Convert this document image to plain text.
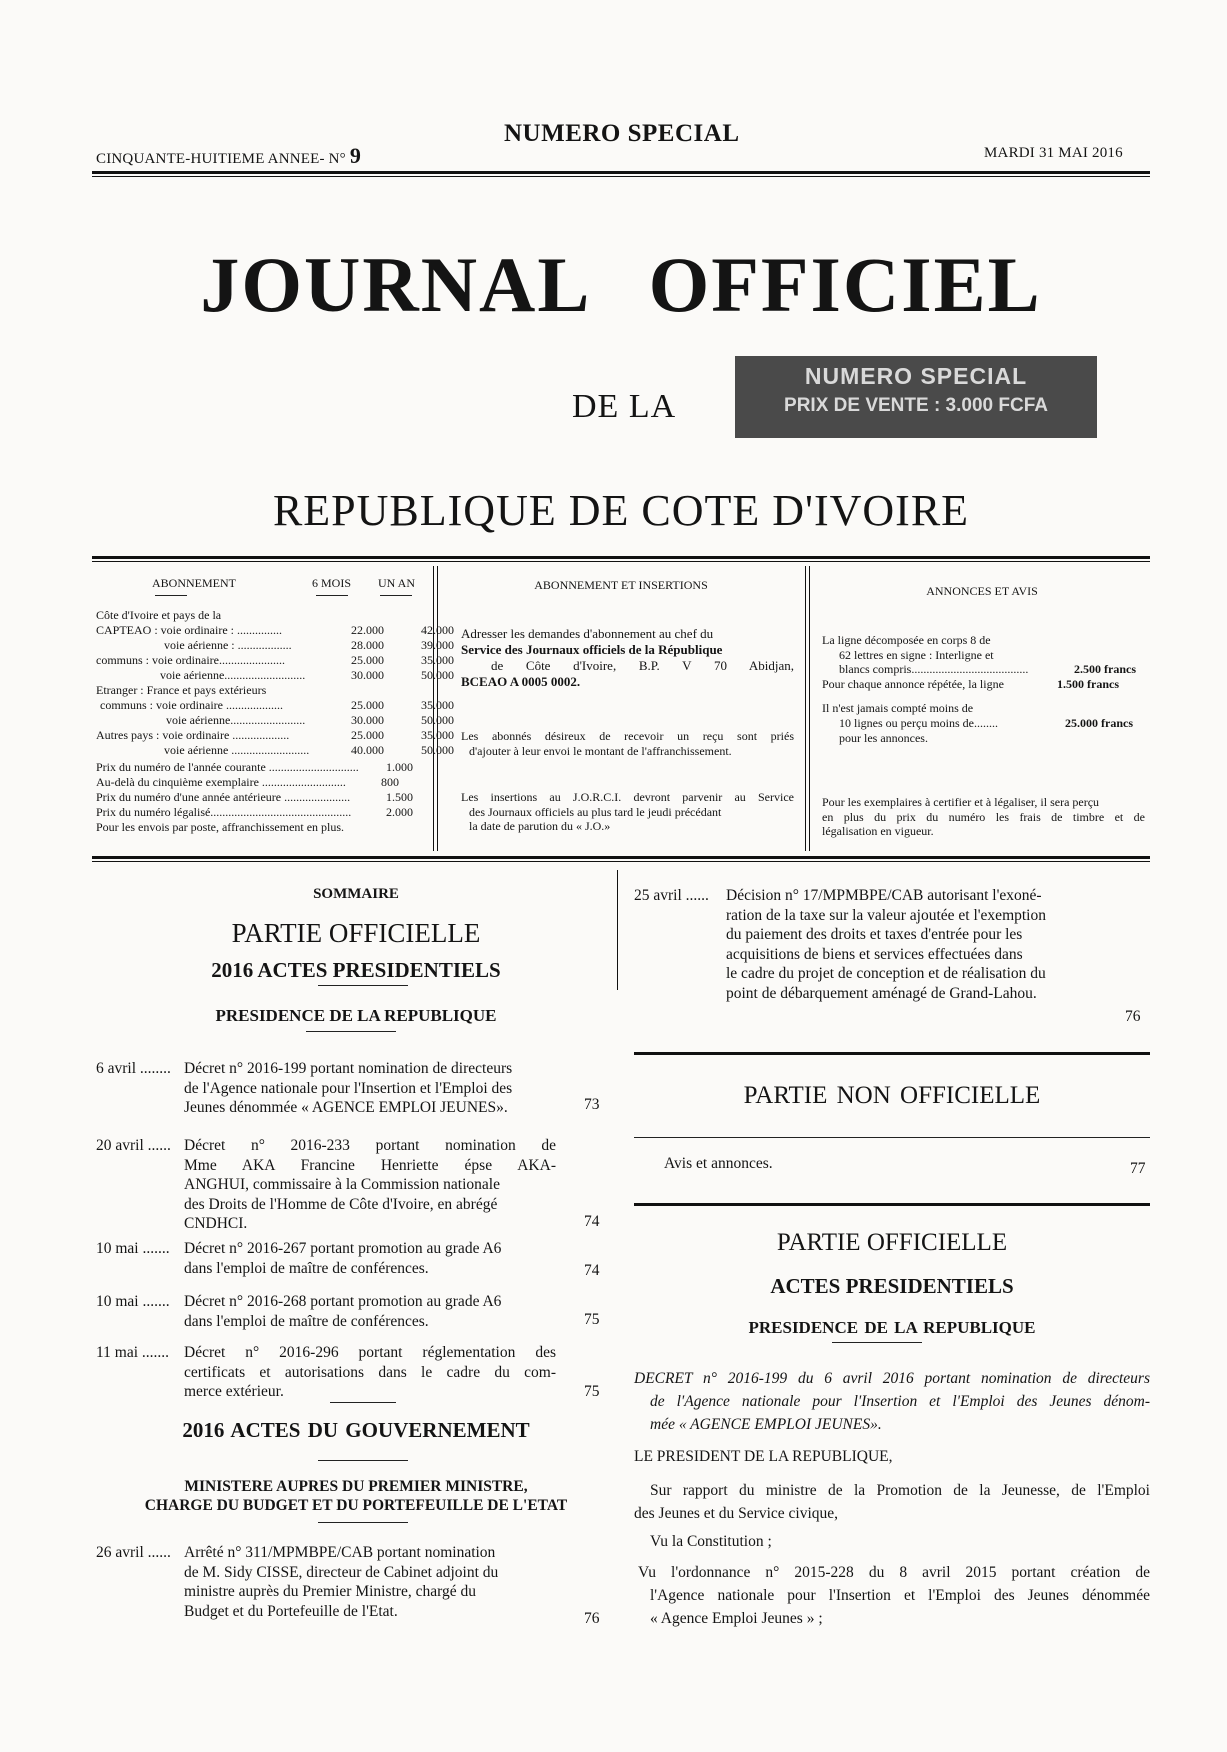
CINQUANTE-HUITIEME ANNEE- N° 9
NUMERO SPECIAL
MARDI 31 MAI 2016
JOURNAL OFFICIEL
DE LA
NUMERO SPECIAL
PRIX DE VENTE : 3.000 FCFA
REPUBLIQUE DE COTE D'IVOIRE
ABONNEMENT	6 MOIS UN AN
Côte d'Ivoire et pays de la
CAPTEAO : voie ordinaire : ...............	22.000	42.000
voie aérienne : ..................	28.000	39.000
communs : voie ordinaire......................	25.000	35.000
voie aérienne...........................	30.000	50.000
Etranger : France et pays extérieurs
communs : voie ordinaire ...................	25.000	35.000
voie aérienne.........................	30.000	50.000
Autres pays : voie ordinaire ...................	25.000	35.000
voie aérienne ..........................	40.000	50.000
Prix du numéro de l'année courante ..............................	1.000
Au-delà du cinquième exemplaire ............................	800
Prix du numéro d'une année antérieure ......................	1.500
Prix du numéro légalisé...............................................	2.000
Pour les envois par poste, affranchissement en plus.
ABONNEMENT ET INSERTIONS
Adresser les demandes d'abonnement au chef du
Service des Journaux officiels de la République
de Côte d'Ivoire, B.P. V 70 Abidjan,
BCEAO A 0005 0002.
Les abonnés désireux de recevoir un reçu sont priés
d'ajouter à leur envoi le montant de l'affranchissement.
Les insertions au J.O.R.C.I. devront parvenir au Service
des Journaux officiels au plus tard le jeudi précédant
la date de parution du « J.O.»
ANNONCES ET AVIS
La ligne décomposée en corps 8 de
62 lettres en signe : Interligne et
blancs compris.......................................	2.500 francs
Pour chaque annonce répétée, la ligne	1.500 francs
Il n'est jamais compté moins de
10 lignes ou perçu moins de........	25.000 francs
pour les annonces.
Pour les exemplaires à certifier et à légaliser, il sera perçu
en plus du prix du numéro les frais de timbre et de
légalisation en vigueur.
SOMMAIRE
PARTIE OFFICIELLE
2016 ACTES PRESIDENTIELS
PRESIDENCE DE LA REPUBLIQUE
6 avril ........ Décret n° 2016-199 portant nomination de directeurs
de l'Agence nationale pour l'Insertion et l'Emploi des
Jeunes dénommée « AGENCE EMPLOI JEUNES».	73
20 avril ...... Décret n° 2016-233 portant nomination de
Mme AKA Francine Henriette épse AKA-
ANGHUI, commissaire à la Commission nationale
des Droits de l'Homme de Côte d'Ivoire, en abrégé
CNDHCI.	74
10 mai ....... Décret n° 2016-267 portant promotion au grade A6
dans l'emploi de maître de conférences.	74
10 mai ....... Décret n° 2016-268 portant promotion au grade A6
dans l'emploi de maître de conférences.	75
11 mai ....... Décret n° 2016-296 portant réglementation des
certificats et autorisations dans le cadre du com-
merce extérieur.	75
2016 ACTES DU GOUVERNEMENT
MINISTERE AUPRES DU PREMIER MINISTRE,
CHARGE DU BUDGET ET DU PORTEFEUILLE DE L'ETAT
26 avril ...... Arrêté n° 311/MPMBPE/CAB portant nomination
de M. Sidy CISSE, directeur de Cabinet adjoint du
ministre auprès du Premier Ministre, chargé du
Budget et du Portefeuille de l'Etat.	76
25 avril ......	Décision n° 17/MPMBPE/CAB autorisant l'exoné-
ration de la taxe sur la valeur ajoutée et l'exemption
du paiement des droits et taxes d'entrée pour les
acquisitions de biens et services effectuées dans
le cadre du projet de conception et de réalisation du
point de débarquement aménagé de Grand-Lahou.
76
PARTIE NON OFFICIELLE
Avis et annonces.	77
PARTIE OFFICIELLE
ACTES PRESIDENTIELS
PRESIDENCE DE LA REPUBLIQUE
DECRET n° 2016-199 du 6 avril 2016 portant nomination de directeurs
de l'Agence nationale pour l'Insertion et l'Emploi des Jeunes dénom-
mée « AGENCE EMPLOI JEUNES».
LE PRESIDENT DE LA REPUBLIQUE,
Sur rapport du ministre de la Promotion de la Jeunesse, de l'Emploi
des Jeunes et du Service civique,
Vu la Constitution ;
Vu l'ordonnance n° 2015-228 du 8 avril 2015 portant création de
l'Agence nationale pour l'Insertion et l'Emploi des Jeunes dénommée
« Agence Emploi Jeunes » ;
